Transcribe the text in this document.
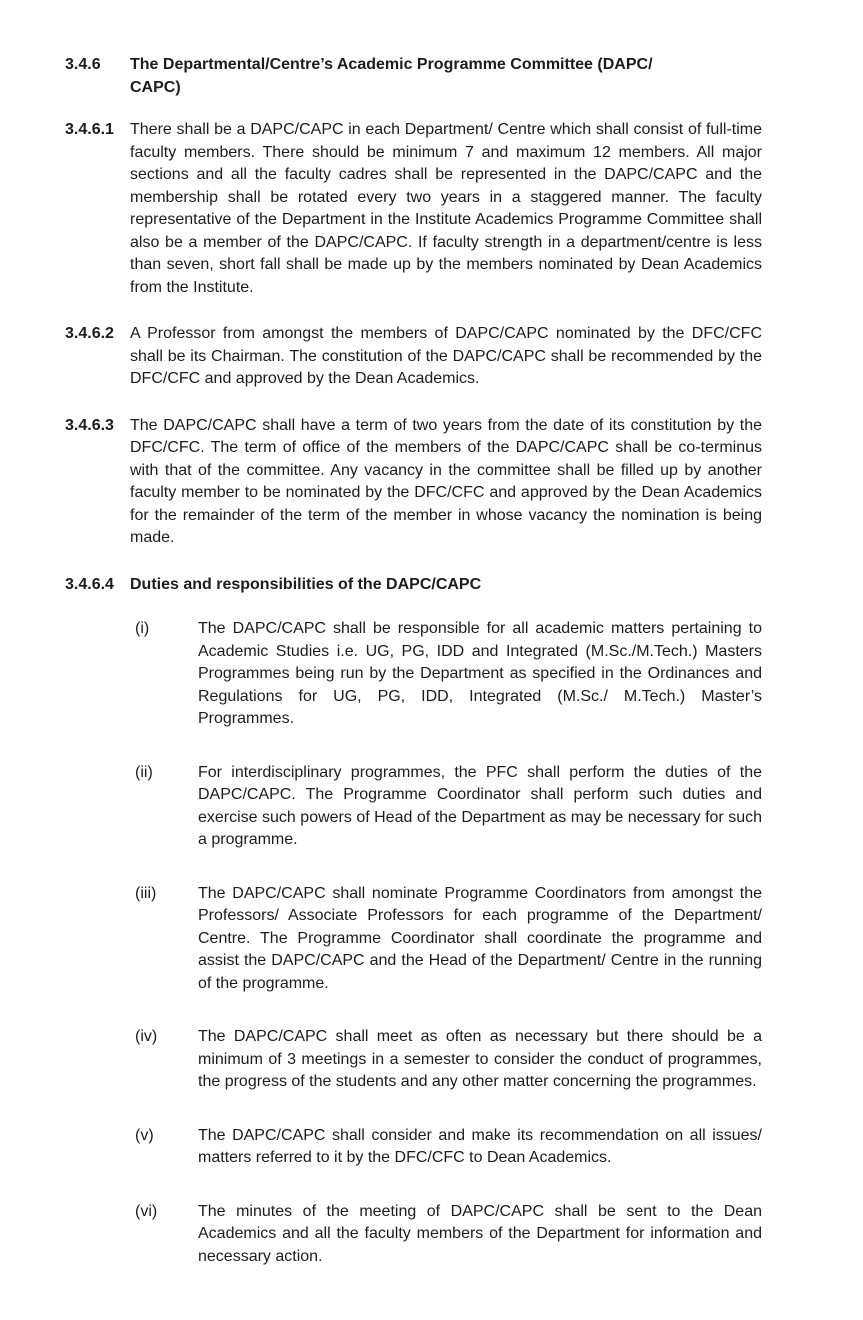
3.4.6	The Departmental/Centre’s Academic Programme Committee (DAPC/ CAPC)
3.4.6.1	There shall be a DAPC/CAPC in each Department/ Centre which shall consist of full-time faculty members. There should be minimum 7 and maximum 12 members. All major sections and all the faculty cadres shall be represented in the DAPC/CAPC and the membership shall be rotated every two years in a staggered manner. The faculty representative of the Department in the Institute Academics Programme Committee shall also be a member of the DAPC/CAPC. If faculty strength in a department/centre is less than seven, short fall shall be made up by the members nominated by Dean Academics from the Institute.
3.4.6.2	A Professor from amongst the members of DAPC/CAPC nominated by the DFC/CFC shall be its Chairman. The constitution of the DAPC/CAPC shall be recommended by the DFC/CFC and approved by the Dean Academics.
3.4.6.3	The DAPC/CAPC shall have a term of two years from the date of its constitution by the DFC/CFC. The term of office of the members of the DAPC/CAPC shall be co-terminus with that of the committee. Any vacancy in the committee shall be filled up by another faculty member to be nominated by the DFC/CFC and approved by the Dean Academics for the remainder of the term of the member in whose vacancy the nomination is being made.
3.4.6.4	Duties and responsibilities of the DAPC/CAPC
(i)	The DAPC/CAPC shall be responsible for all academic matters pertaining to Academic Studies i.e. UG, PG, IDD and Integrated (M.Sc./M.Tech.) Masters Programmes being run by the Department as specified in the Ordinances and Regulations for UG, PG, IDD, Integrated (M.Sc./ M.Tech.) Master’s Programmes.
(ii)	For interdisciplinary programmes, the PFC shall perform the duties of the DAPC/CAPC. The Programme Coordinator shall perform such duties and exercise such powers of Head of the Department as may be necessary for such a programme.
(iii)	The DAPC/CAPC shall nominate Programme Coordinators from amongst the Professors/ Associate Professors for each programme of the Department/ Centre. The Programme Coordinator shall coordinate the programme and assist the DAPC/CAPC and the Head of the Department/ Centre in the running of the programme.
(iv)	The DAPC/CAPC shall meet as often as necessary but there should be a minimum of 3 meetings in a semester to consider the conduct of programmes, the progress of the students and any other matter concerning the programmes.
(v)	The DAPC/CAPC shall consider and make its recommendation on all issues/ matters referred to it by the DFC/CFC to Dean Academics.
(vi)	The minutes of the meeting of DAPC/CAPC shall be sent to the Dean Academics and all the faculty members of the Department for information and necessary action.
